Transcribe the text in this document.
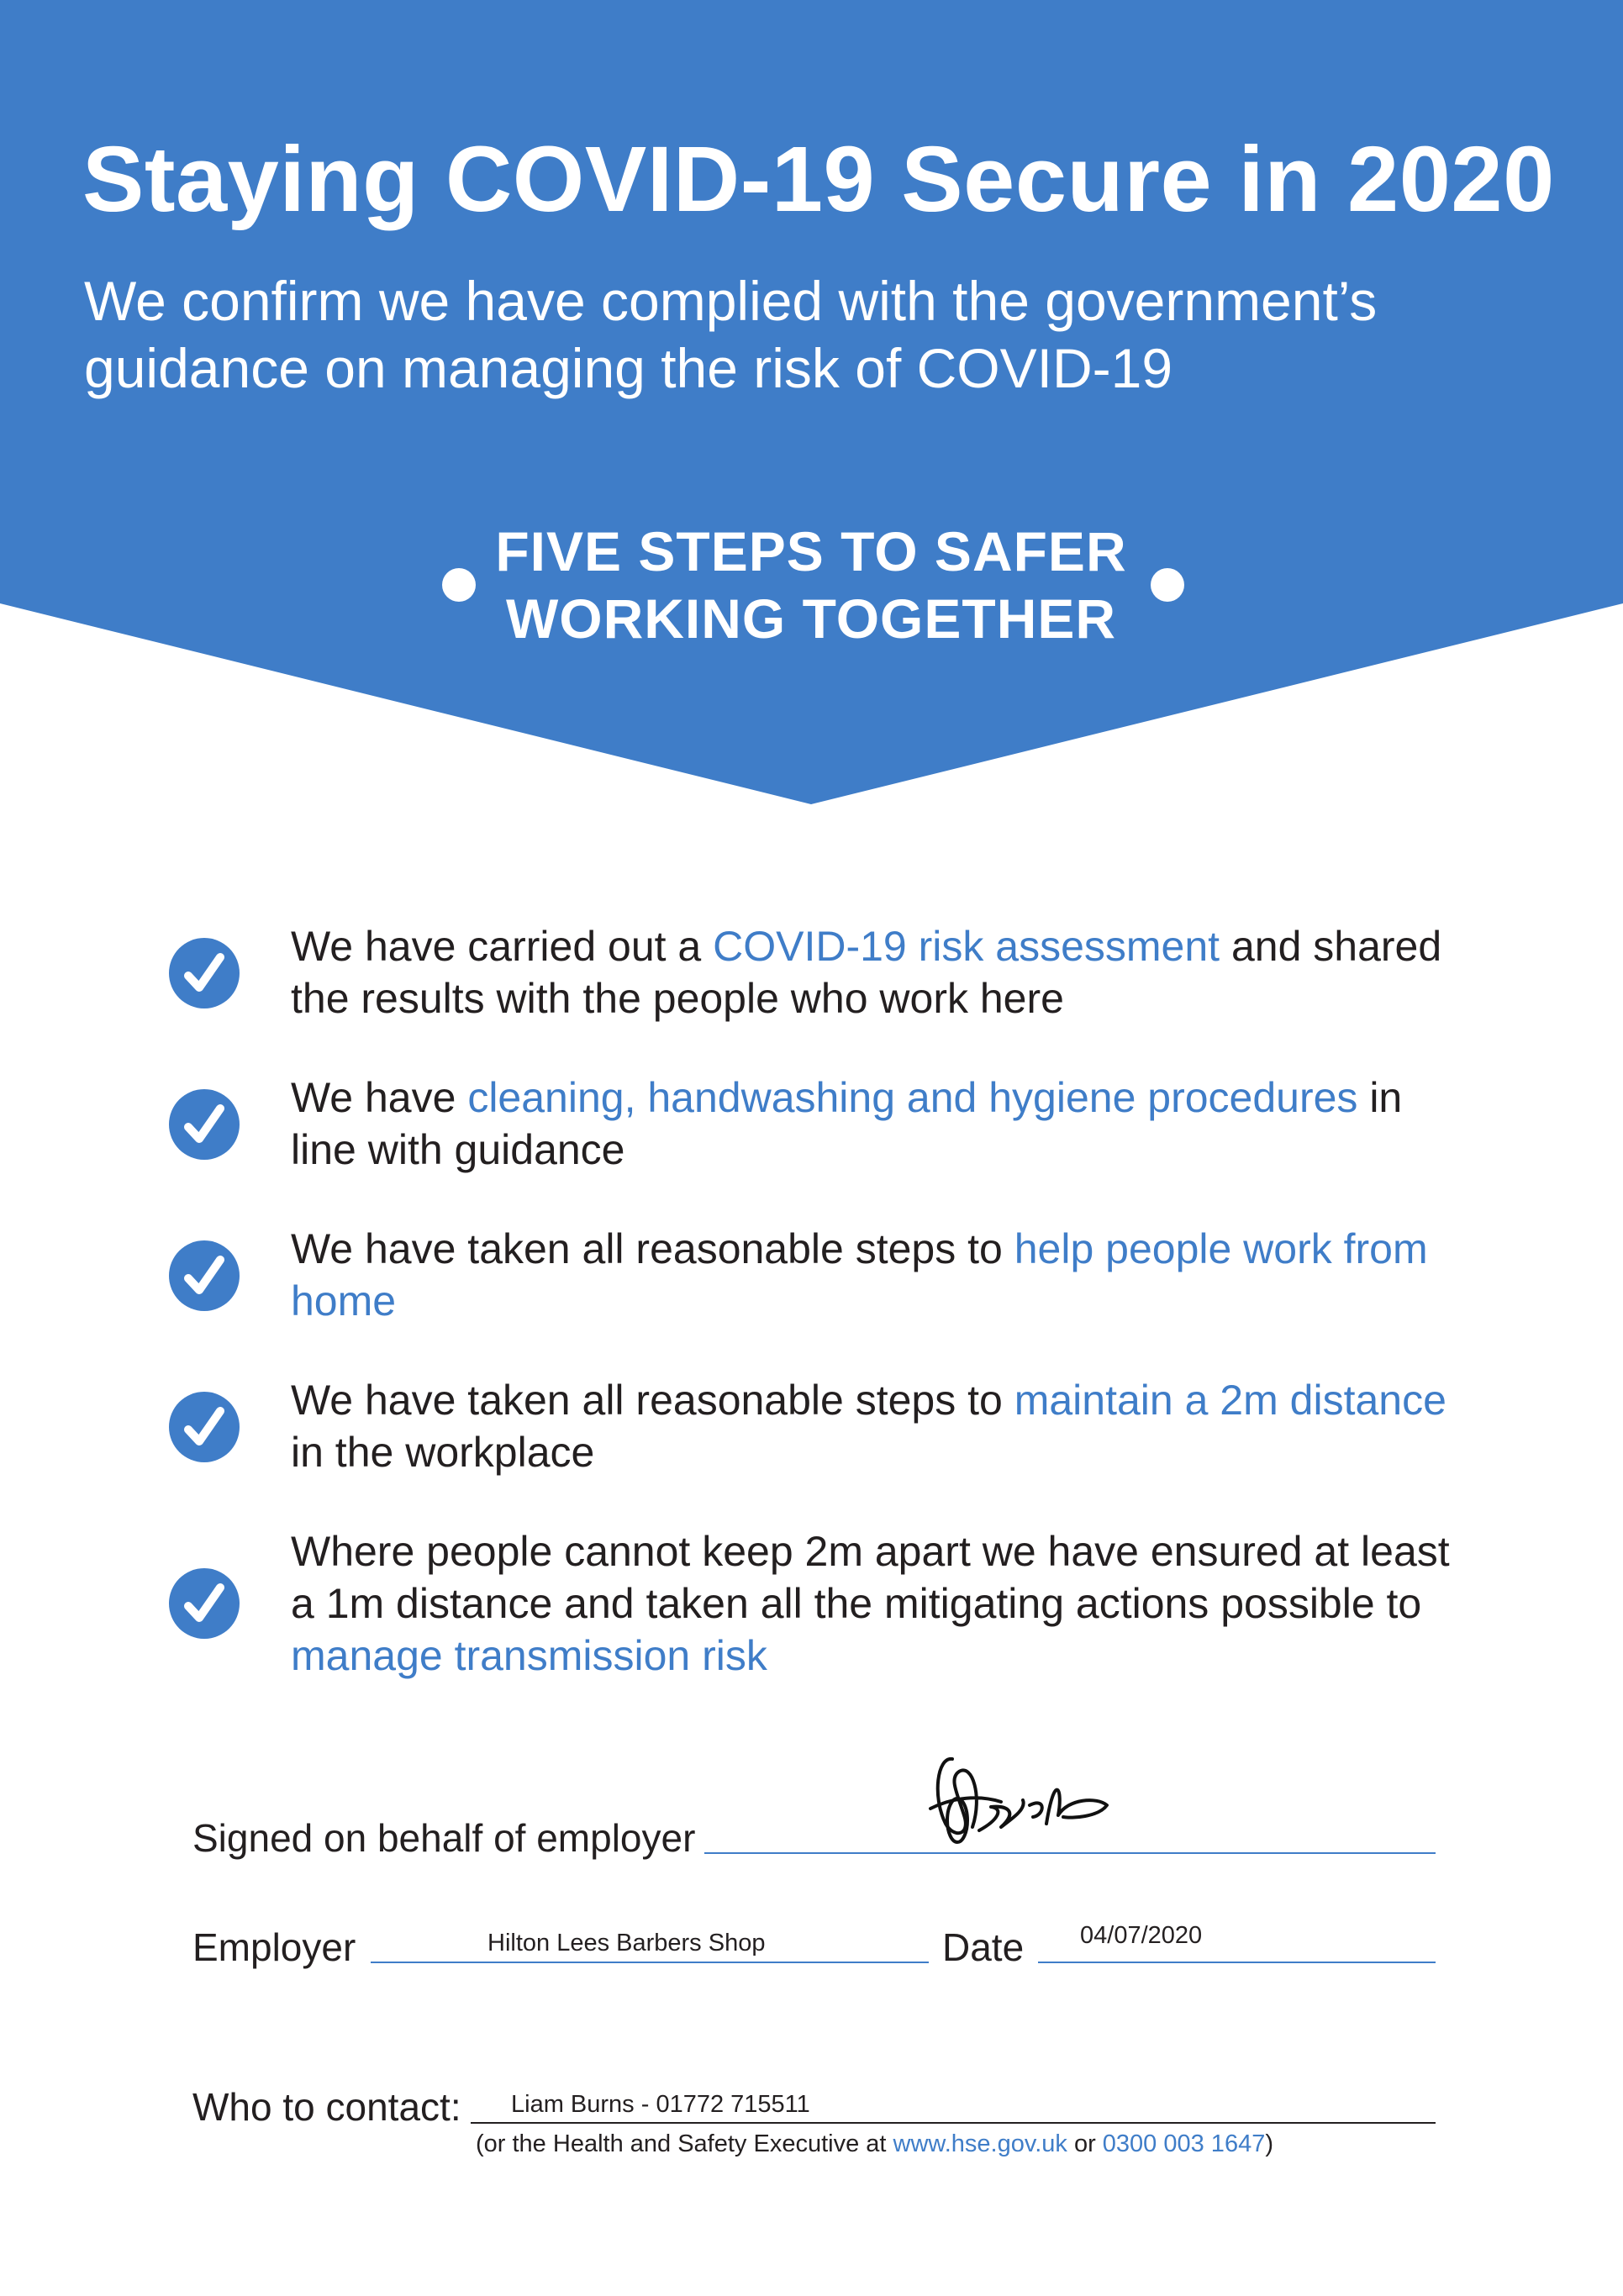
Staying COVID-19 Secure in 2020

We confirm we have complied with the government’s guidance on managing the risk of COVID-19

FIVE STEPS TO SAFER
WORKING TOGETHER

We have carried out a COVID-19 risk assessment and shared the results with the people who work here

We have cleaning, handwashing and hygiene procedures in line with guidance

We have taken all reasonable steps to help people work from home

We have taken all reasonable steps to maintain a 2m distance in the workplace

Where people cannot keep 2m apart we have ensured at least a 1m distance and taken all the mitigating actions possible to manage transmission risk

Signed on behalf of employer
Employer	Hilton Lees Barbers Shop	Date 04/07/2020
Who to contact: Liam Burns - 01772 715511
(or the Health and Safety Executive at www.hse.gov.uk or 0300 003 1647)
